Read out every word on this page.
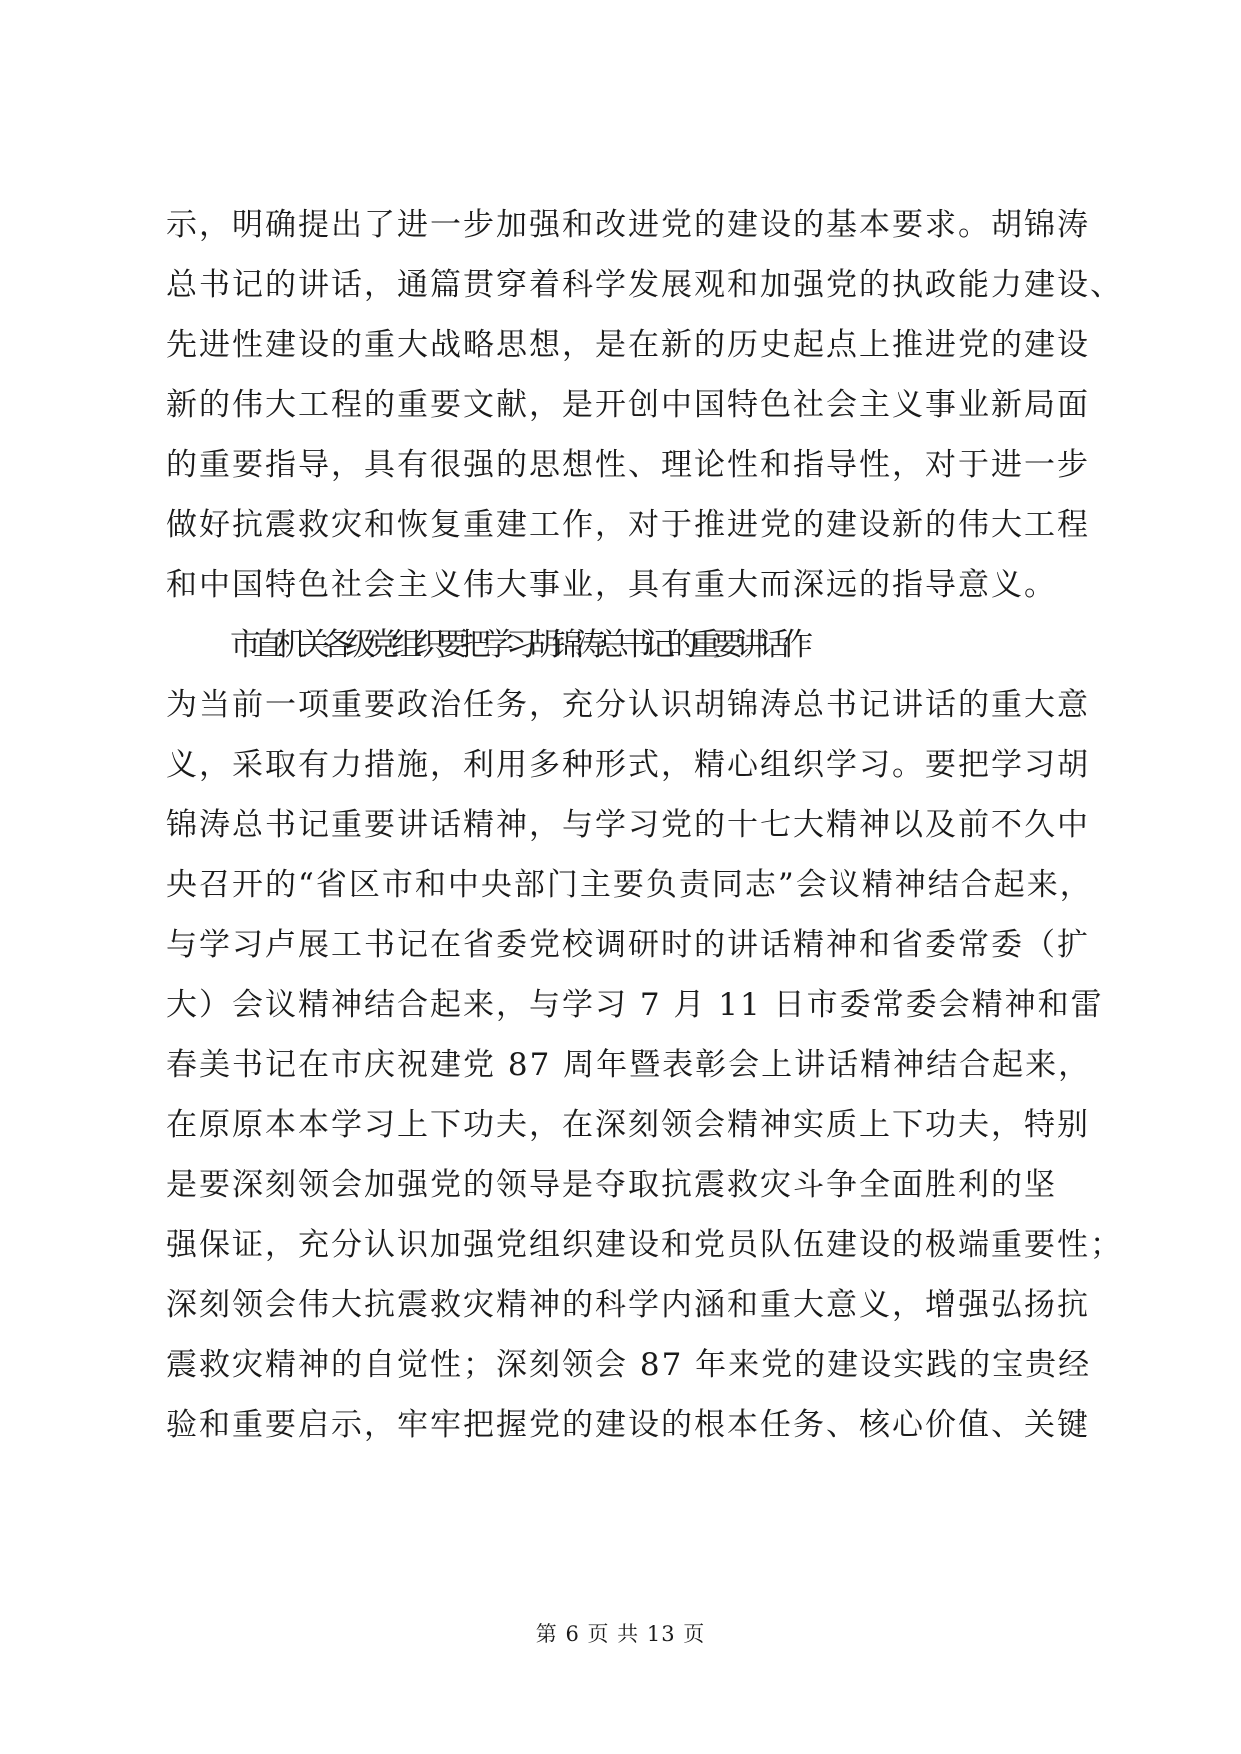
示，明确提出了进一步加强和改进党的建设的基本要求。胡锦涛
总书记的讲话，通篇贯穿着科学发展观和加强党的执政能力建设、
先进性建设的重大战略思想，是在新的历史起点上推进党的建设
新的伟大工程的重要文献，是开创中国特色社会主义事业新局面
的重要指导，具有很强的思想性、理论性和指导性，对于进一步
做好抗震救灾和恢复重建工作，对于推进党的建设新的伟大工程
和中国特色社会主义伟大事业，具有重大而深远的指导意义。
市直机关各级党组织要把学习胡锦涛总书记的重要讲话作
为当前一项重要政治任务，充分认识胡锦涛总书记讲话的重大意
义，采取有力措施，利用多种形式，精心组织学习。要把学习胡
锦涛总书记重要讲话精神，与学习党的十七大精神以及前不久中
央召开的“省区市和中央部门主要负责同志”会议精神结合起来，
与学习卢展工书记在省委党校调研时的讲话精神和省委常委（扩
大）会议精神结合起来，与学习 7 月 11 日市委常委会精神和雷
春美书记在市庆祝建党 87 周年暨表彰会上讲话精神结合起来，
在原原本本学习上下功夫，在深刻领会精神实质上下功夫，特别
是要深刻领会加强党的领导是夺取抗震救灾斗争全面胜利的坚
强保证，充分认识加强党组织建设和党员队伍建设的极端重要性；
深刻领会伟大抗震救灾精神的科学内涵和重大意义，增强弘扬抗
震救灾精神的自觉性；深刻领会 87 年来党的建设实践的宝贵经
验和重要启示，牢牢把握党的建设的根本任务、核心价值、关键
第 6 页 共 13 页
